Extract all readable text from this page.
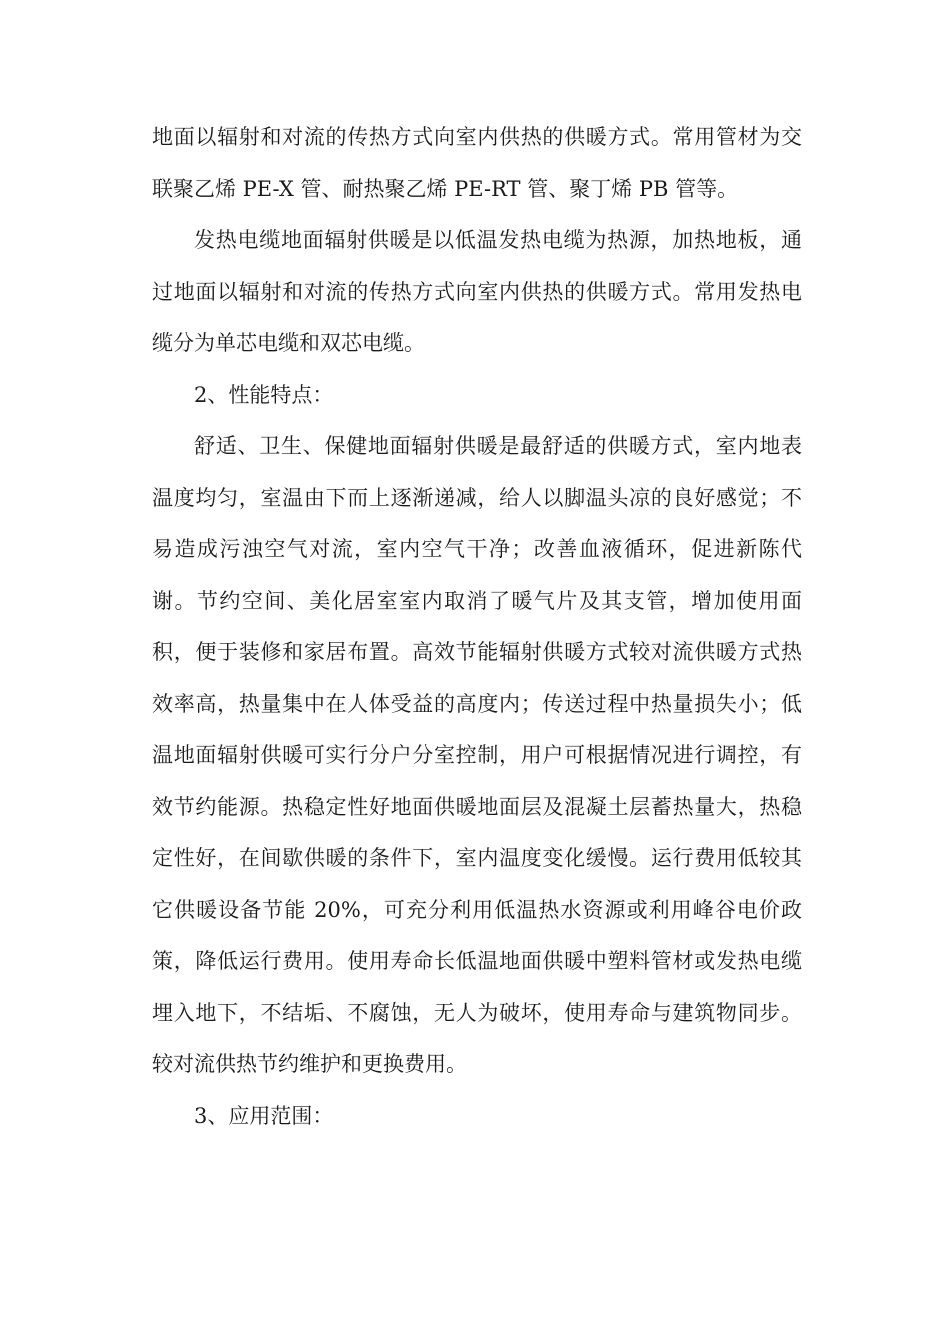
地面以辐射和对流的传热方式向室内供热的供暖方式。常用管材为交联聚乙烯 PE-X 管、耐热聚乙烯 PE-RT 管、聚丁烯 PB 管等。

发热电缆地面辐射供暖是以低温发热电缆为热源，加热地板，通过地面以辐射和对流的传热方式向室内供热的供暖方式。常用发热电缆分为单芯电缆和双芯电缆。

2、性能特点：

舒适、卫生、保健地面辐射供暖是最舒适的供暖方式，室内地表温度均匀，室温由下而上逐渐递减，给人以脚温头凉的良好感觉；不易造成污浊空气对流，室内空气干净；改善血液循环，促进新陈代谢。节约空间、美化居室室内取消了暖气片及其支管，增加使用面积，便于装修和家居布置。高效节能辐射供暖方式较对流供暖方式热效率高，热量集中在人体受益的高度内；传送过程中热量损失小；低温地面辐射供暖可实行分户分室控制，用户可根据情况进行调控，有效节约能源。热稳定性好地面供暖地面层及混凝土层蓄热量大，热稳定性好，在间歇供暖的条件下，室内温度变化缓慢。运行费用低较其它供暖设备节能 20%，可充分利用低温热水资源或利用峰谷电价政策，降低运行费用。使用寿命长低温地面供暖中塑料管材或发热电缆埋入地下，不结垢、不腐蚀，无人为破坏，使用寿命与建筑物同步。较对流供热节约维护和更换费用。

3、应用范围：
